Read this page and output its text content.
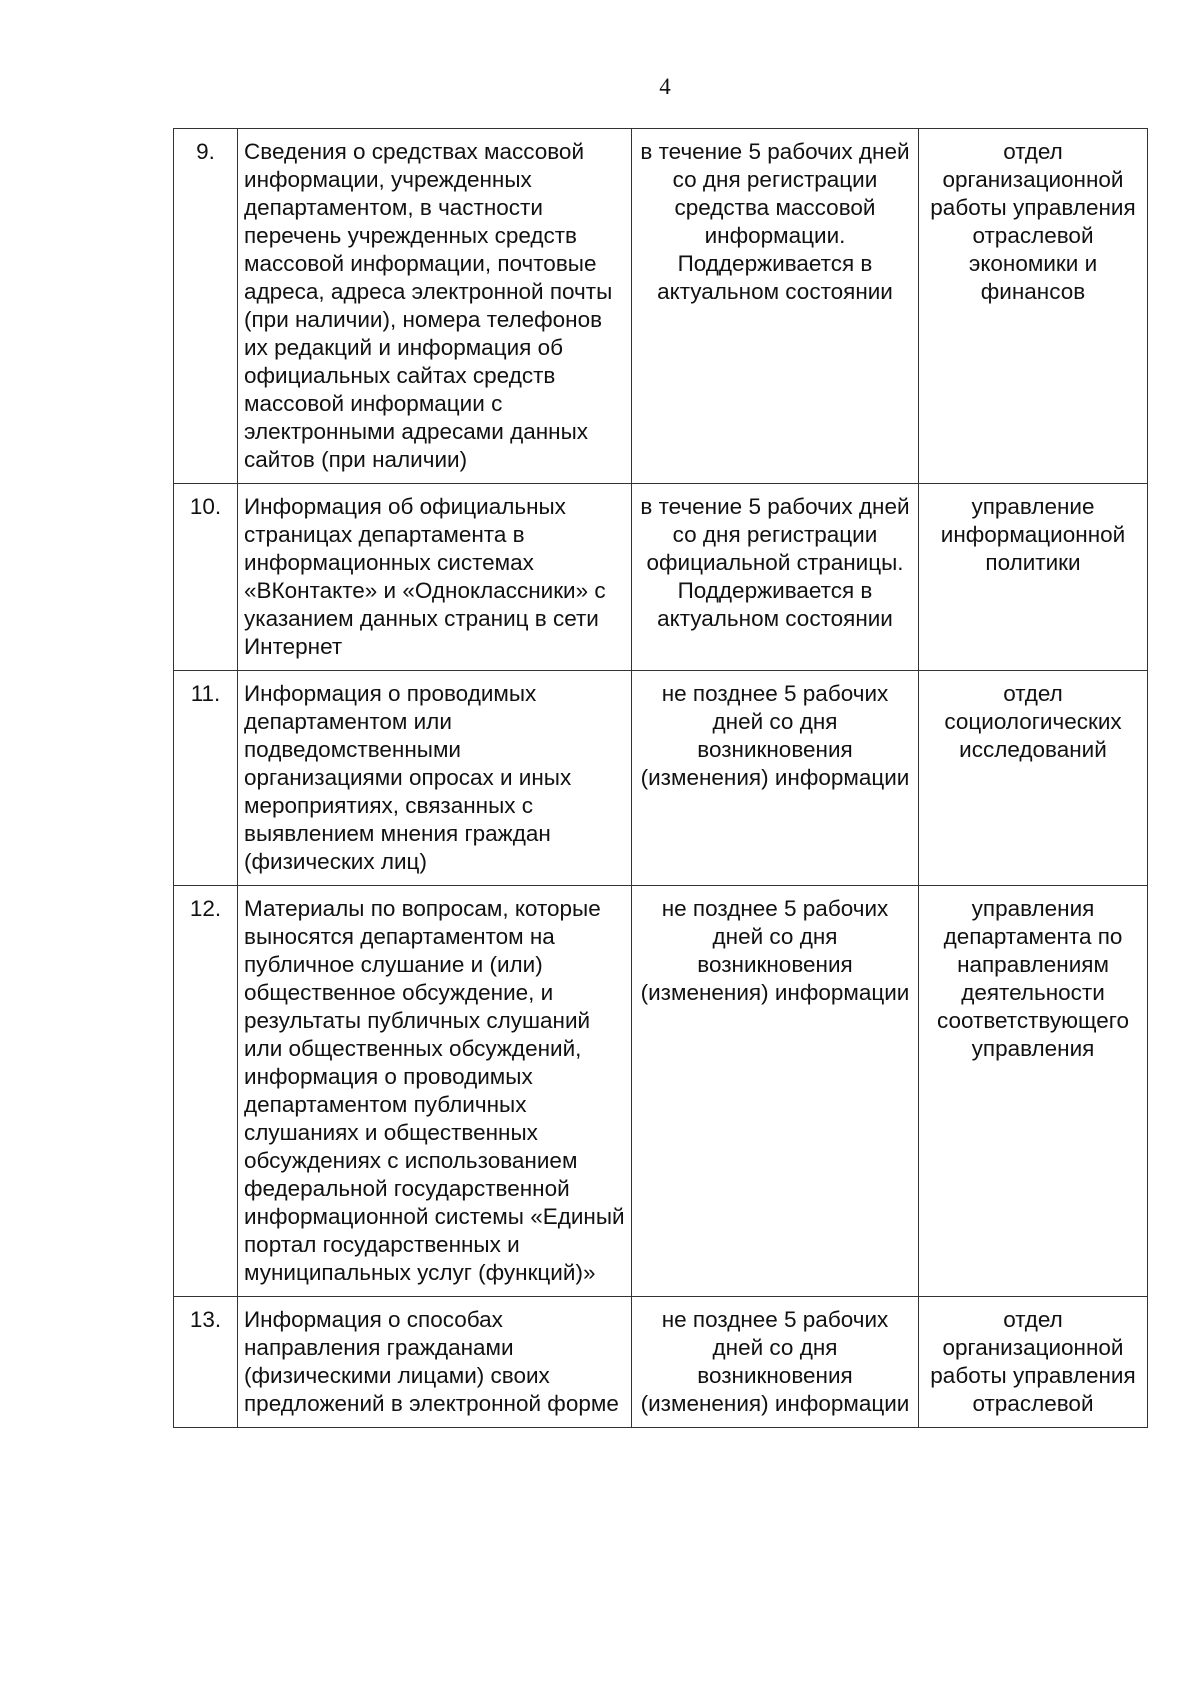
4
9.	Сведения о средствах массовой информации, учрежденных департаментом, в частности перечень учрежденных средств массовой информации, почтовые адреса, адреса электронной почты (при наличии), номера телефонов их редакций и информация об официальных сайтах средств массовой информации с электронными адресами данных сайтов (при наличии)	в течение 5 рабочих дней со дня регистрации средства массовой информации. Поддерживается в актуальном состоянии	отдел организационной работы управления отраслевой экономики и финансов
10.	Информация об официальных страницах департамента в информационных системах «ВКонтакте» и «Одноклассники» с указанием данных страниц в сети Интернет	в течение 5 рабочих дней со дня регистрации официальной страницы. Поддерживается в актуальном состоянии	управление информационной политики
11.	Информация о проводимых департаментом или подведомственными организациями опросах и иных мероприятиях, связанных с выявлением мнения граждан (физических лиц)	не позднее 5 рабочих дней со дня возникновения (изменения) информации	отдел социологических исследований
12.	Материалы по вопросам, которые выносятся департаментом на публичное слушание и (или) общественное обсуждение, и результаты публичных слушаний или общественных обсуждений, информация о проводимых департаментом публичных слушаниях и общественных обсуждениях с использованием федеральной государственной информационной системы «Единый портал государственных и муниципальных услуг (функций)»	не позднее 5 рабочих дней со дня возникновения (изменения) информации	управления департамента по направлениям деятельности соответствующего управления
13.	Информация о способах направления гражданами (физическими лицами) своих предложений в электронной форме	не позднее 5 рабочих дней со дня возникновения (изменения) информации	отдел организационной работы управления отраслевой
